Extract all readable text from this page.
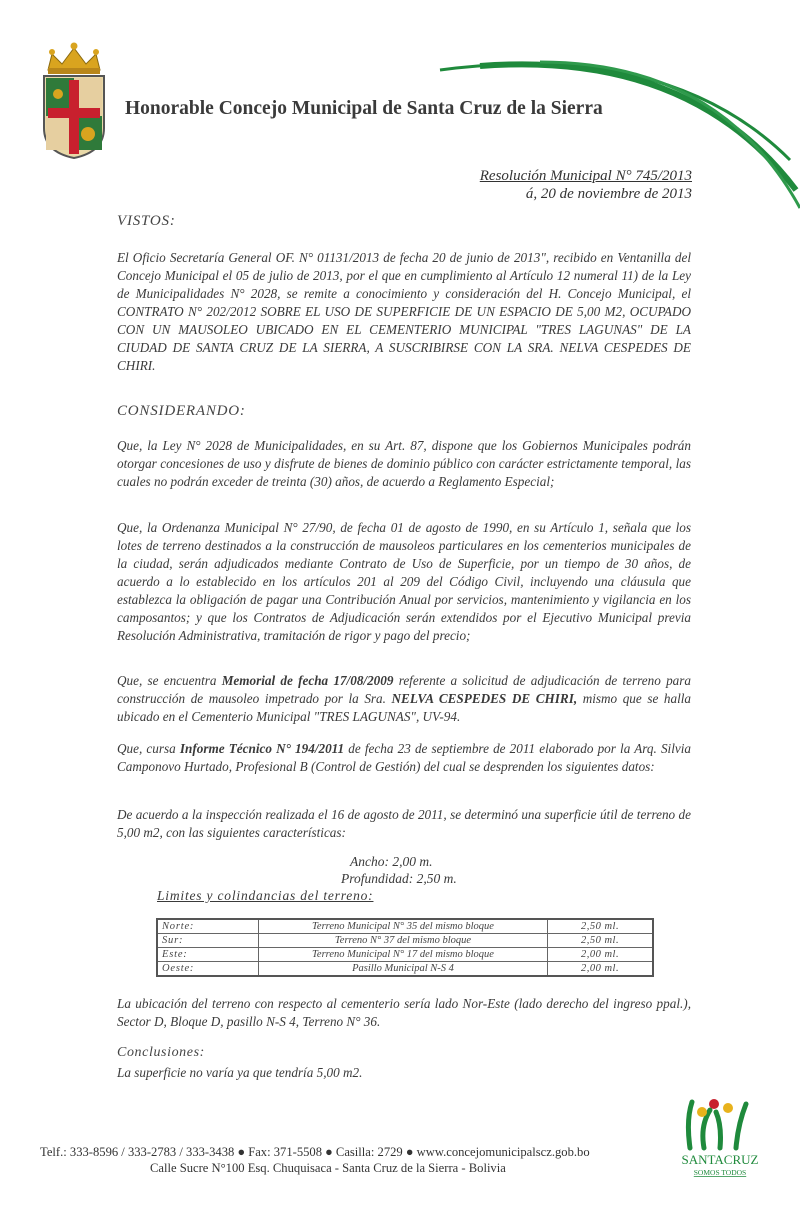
Honorable Concejo Municipal de Santa Cruz de la Sierra
Resolución Municipal N° 745/2013
á, 20 de noviembre de 2013
VISTOS:
El Oficio Secretaría General OF. N° 01131/2013 de fecha 20 de junio de 2013", recibido en Ventanilla del Concejo Municipal el 05 de julio de 2013, por el que en cumplimiento al Artículo 12 numeral 11) de la Ley de Municipalidades N° 2028, se remite a conocimiento y consideración del H. Concejo Municipal, el CONTRATO N° 202/2012 SOBRE EL USO DE SUPERFICIE DE UN ESPACIO DE 5,00 M2, OCUPADO CON UN MAUSOLEO UBICADO EN EL CEMENTERIO MUNICIPAL "TRES LAGUNAS" DE LA CIUDAD DE SANTA CRUZ DE LA SIERRA, A SUSCRIBIRSE CON LA SRA. NELVA CESPEDES DE CHIRI.
CONSIDERANDO:
Que, la Ley N° 2028 de Municipalidades, en su Art. 87, dispone que los Gobiernos Municipales podrán otorgar concesiones de uso y disfrute de bienes de dominio público con carácter estrictamente temporal, las cuales no podrán exceder de treinta (30) años, de acuerdo a Reglamento Especial;
Que, la Ordenanza Municipal N° 27/90, de fecha 01 de agosto de 1990, en su Artículo 1, señala que los lotes de terreno destinados a la construcción de mausoleos particulares en los cementerios municipales de la ciudad, serán adjudicados mediante Contrato de Uso de Superficie, por un tiempo de 30 años, de acuerdo a lo establecido en los artículos 201 al 209 del Código Civil, incluyendo una cláusula que establezca la obligación de pagar una Contribución Anual por servicios, mantenimiento y vigilancia en los camposantos; y que los Contratos de Adjudicación serán extendidos por el Ejecutivo Municipal previa Resolución Administrativa, tramitación de rigor y pago del precio;
Que, se encuentra Memorial de fecha 17/08/2009 referente a solicitud de adjudicación de terreno para construcción de mausoleo impetrado por la Sra. NELVA CESPEDES DE CHIRI, mismo que se halla ubicado en el Cementerio Municipal "TRES LAGUNAS", UV-94.
Que, cursa Informe Técnico N° 194/2011 de fecha 23 de septiembre de 2011 elaborado por la Arq. Silvia Camponovo Hurtado, Profesional B (Control de Gestión) del cual se desprenden los siguientes datos:
De acuerdo a la inspección realizada el 16 de agosto de 2011, se determinó una superficie útil de terreno de 5,00 m2, con las siguientes características:
Ancho: 2,00 m.
Profundidad: 2,50 m.
Limites y colindancias del terreno:
Norte:	Terreno Municipal N° 35 del mismo bloque	2,50 ml.
Sur:	Terreno N° 37 del mismo bloque	2,50 ml.
Este:	Terreno Municipal N° 17 del mismo bloque	2,00 ml.
Oeste:	Pasillo Municipal N-S 4	2,00 ml.
La ubicación del terreno con respecto al cementerio sería lado Nor-Este (lado derecho del ingreso ppal.), Sector D, Bloque D, pasillo N-S 4, Terreno N° 36.
Conclusiones:
La superficie no varía ya que tendría 5,00 m2.
SANTACRUZ
SOMOS TODOS
Telf.: 333-8596 / 333-2783 / 333-3438 ● Fax: 371-5508 ● Casilla: 2729 ● www.concejomunicipalscz.gob.bo
Calle Sucre N°100 Esq. Chuquisaca - Santa Cruz de la Sierra - Bolivia
